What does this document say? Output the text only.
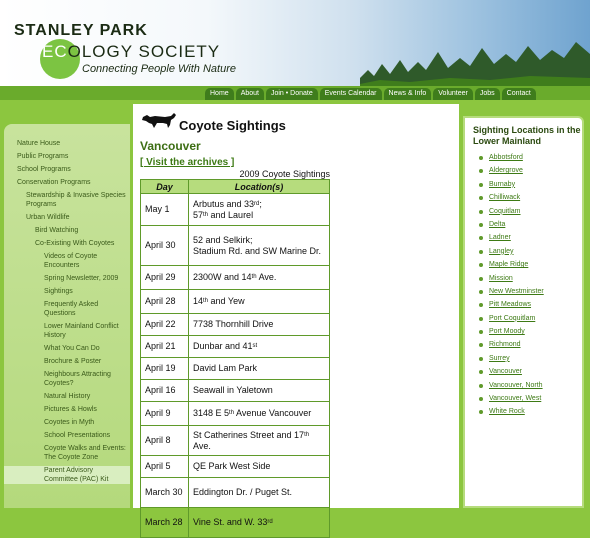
STANLEY PARK
ECOLOGY SOCIETY
Connecting People With Nature
Home	About	Join • Donate	Events Calendar	News & Info	Volunteer	Jobs	Contact
Nature House
Public Programs
School Programs
Conservation Programs
Stewardship & Invasive Species Programs
Urban Wildlife
Bird Watching
Co-Existing With Coyotes
Videos of Coyote Encounters
Spring Newsletter, 2009
Sightings
Frequently Asked Questions
Lower Mainland Conflict History
What You Can Do
Brochure & Poster
Neighbours Attracting Coyotes?
Natural History
Pictures & Howls
Coyotes in Myth
School Presentations
Coyote Walks and Events: The Coyote Zone
Parent Advisory Committee (PAC) Kit
Coyote Sightings
Vancouver
[ Visit the archives ]
2009 Coyote Sightings
Day	Location(s)
May 1	Arbutus and 33rd;
57th and Laurel
April 30	52 and Selkirk;
Stadium Rd. and SW Marine Dr.
April 29	2300W and 14th Ave.
April 28	14th and Yew
April 22	7738 Thornhill Drive
April 21	Dunbar and 41st
April 19	David Lam Park
April 16	Seawall in Yaletown
April 9	3148 E 5th Avenue Vancouver
April 8	St Catherines Street and 17th Ave.
April 5	QE Park West Side
March 30	Eddington Dr. / Puget St.
March 28	Vine St. and W. 33rd
Sighting Locations in the Lower Mainland
Abbotsford
Aldergrove
Burnaby
Chilliwack
Coquitlam
Delta
Ladner
Langley
Maple Ridge
Mission
New Westminster
Pitt Meadows
Port Coquitlam
Port Moody
Richmond
Surrey
Vancouver
Vancouver, North
Vancouver, West
White Rock
